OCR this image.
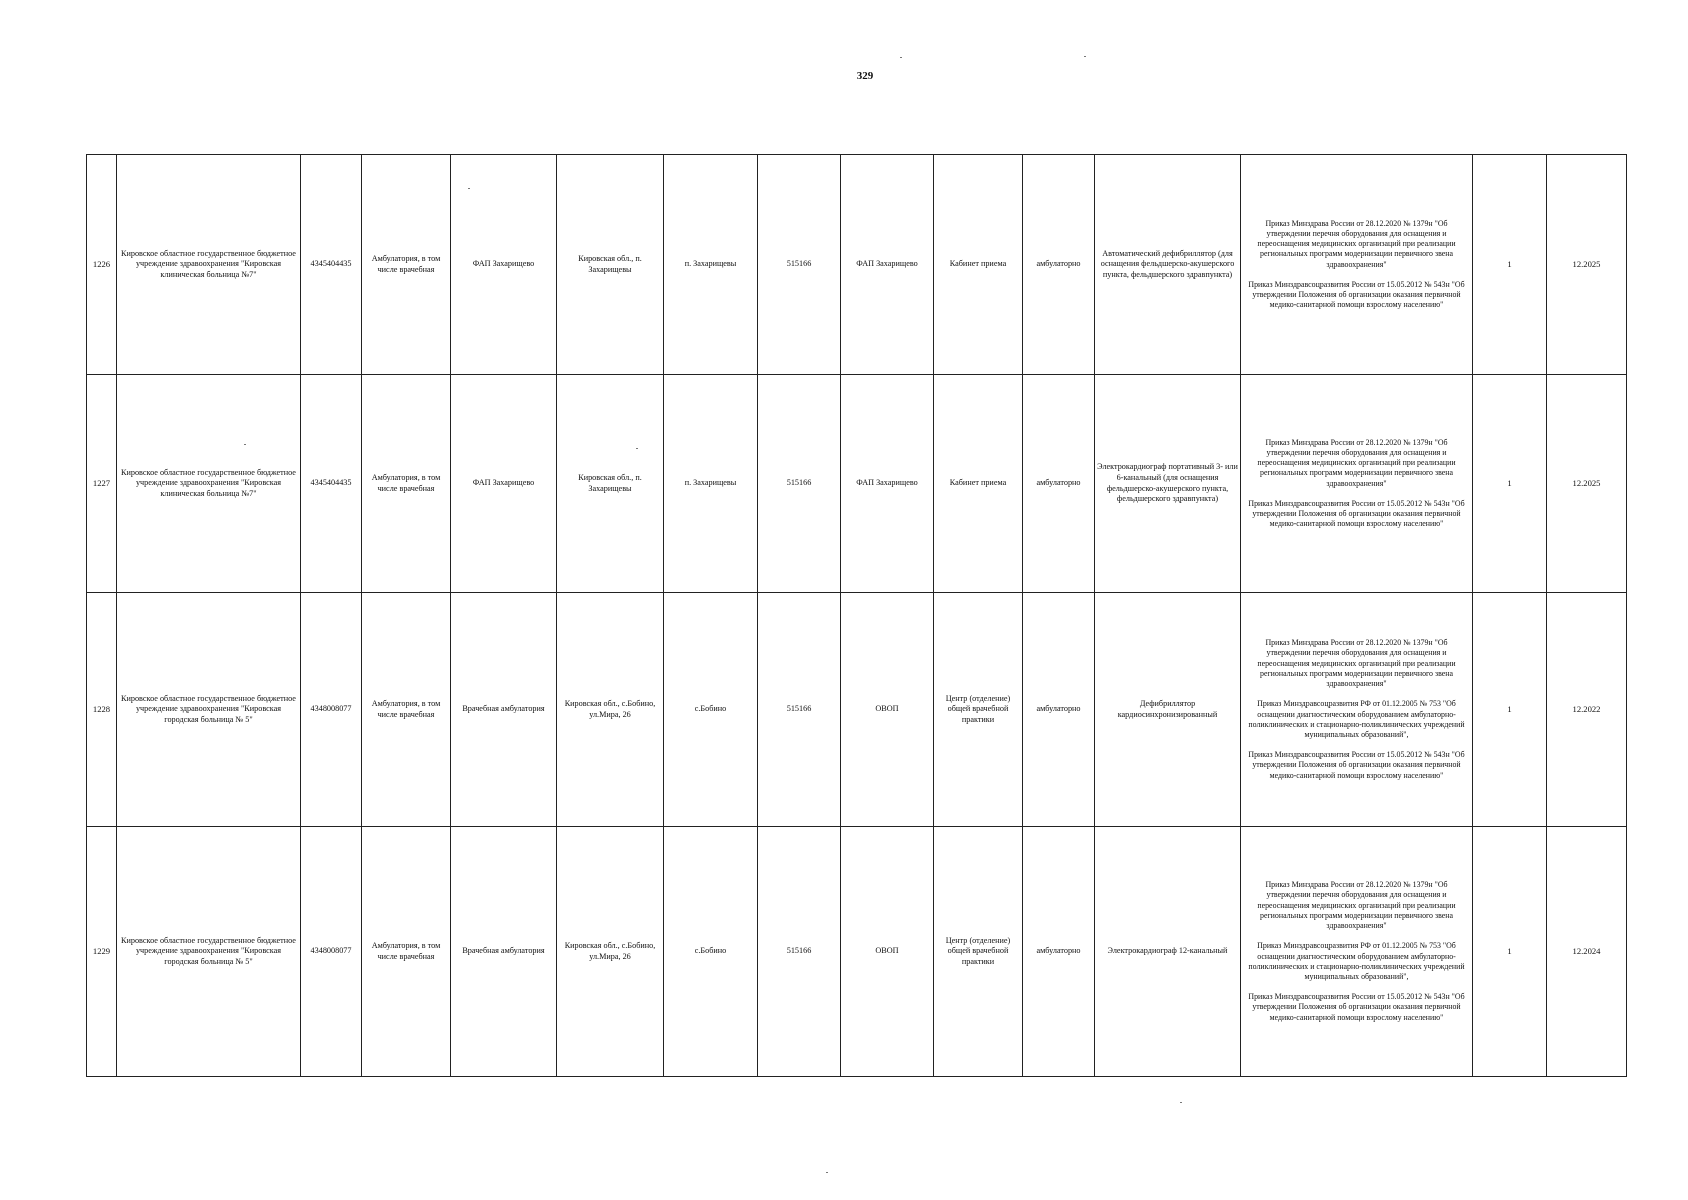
329
1226	Кировское областное государственное бюджетное учреждение здравоохранения "Кировская клиническая больница №7"	4345404435	Амбулатория, в том числе врачебная	ФАП Захарищево	Кировская обл., п. Захарищевы	п. Захарищевы	515166	ФАП Захарищево	Кабинет приема	амбулаторно	Автоматический дефибриллятор (для оснащения фельдшерско-акушерского пункта, фельдшерского здравпункта)	Приказ Минздрава России от 28.12.2020 № 1379н "Об утверждении перечня оборудования для оснащения и переоснащения медицинских организаций при реализации региональных программ модернизации первичного звена здравоохранения"
Приказ Минздравсоцразвития России от 15.05.2012 № 543н "Об утверждении Положения об организации оказания первичной медико-санитарной помощи взрослому населению"	1	12.2025
1227	Кировское областное государственное бюджетное учреждение здравоохранения "Кировская клиническая больница №7"	4345404435	Амбулатория, в том числе врачебная	ФАП Захарищево	Кировская обл., п. Захарищевы	п. Захарищевы	515166	ФАП Захарищево	Кабинет приема	амбулаторно	Электрокардиограф портативный 3- или 6-канальный (для оснащения фельдшерско-акушерского пункта, фельдшерского здравпункта)	Приказ Минздрава России от 28.12.2020 № 1379н "Об утверждении перечня оборудования для оснащения и переоснащения медицинских организаций при реализации региональных программ модернизации первичного звена здравоохранения"
Приказ Минздравсоцразвития России от 15.05.2012 № 543н "Об утверждении Положения об организации оказания первичной медико-санитарной помощи взрослому населению"	1	12.2025
1228	Кировское областное государственное бюджетное учреждение здравоохранения "Кировская городская больница № 5"	4348008077	Амбулатория, в том числе врачебная	Врачебная амбулатория	Кировская обл., с.Бобино, ул.Мира, 26	с.Бобино	515166	ОВОП	Центр (отделение) общей врачебной практики	амбулаторно	Дефибриллятор кардиосинхронизированный	Приказ Минздрава России от 28.12.2020 № 1379н "Об утверждении перечня оборудования для оснащения и переоснащения медицинских организаций при реализации региональных программ модернизации первичного звена здравоохранения"
Приказ Минздравсоцразвития РФ от 01.12.2005 № 753 "Об оснащении диагностическим оборудованием амбулаторно-поликлинических и стационарно-поликлинических учреждений муниципальных образований",
Приказ Минздравсоцразвития России от 15.05.2012 № 543н "Об утверждении Положения об организации оказания первичной медико-санитарной помощи взрослому населению"	1	12.2022
1229	Кировское областное государственное бюджетное учреждение здравоохранения "Кировская городская больница № 5"	4348008077	Амбулатория, в том числе врачебная	Врачебная амбулатория	Кировская обл., с.Бобино, ул.Мира, 26	с.Бобино	515166	ОВОП	Центр (отделение) общей врачебной практики	амбулаторно	Электрокардиограф 12-канальный	Приказ Минздрава России от 28.12.2020 № 1379н "Об утверждении перечня оборудования для оснащения и переоснащения медицинских организаций при реализации региональных программ модернизации первичного звена здравоохранения"
Приказ Минздравсоцразвития РФ от 01.12.2005 № 753 "Об оснащении диагностическим оборудованием амбулаторно-поликлинических и стационарно-поликлинических учреждений муниципальных образований",
Приказ Минздравсоцразвития России от 15.05.2012 № 543н "Об утверждении Положения об организации оказания первичной медико-санитарной помощи взрослому населению"	1	12.2024
